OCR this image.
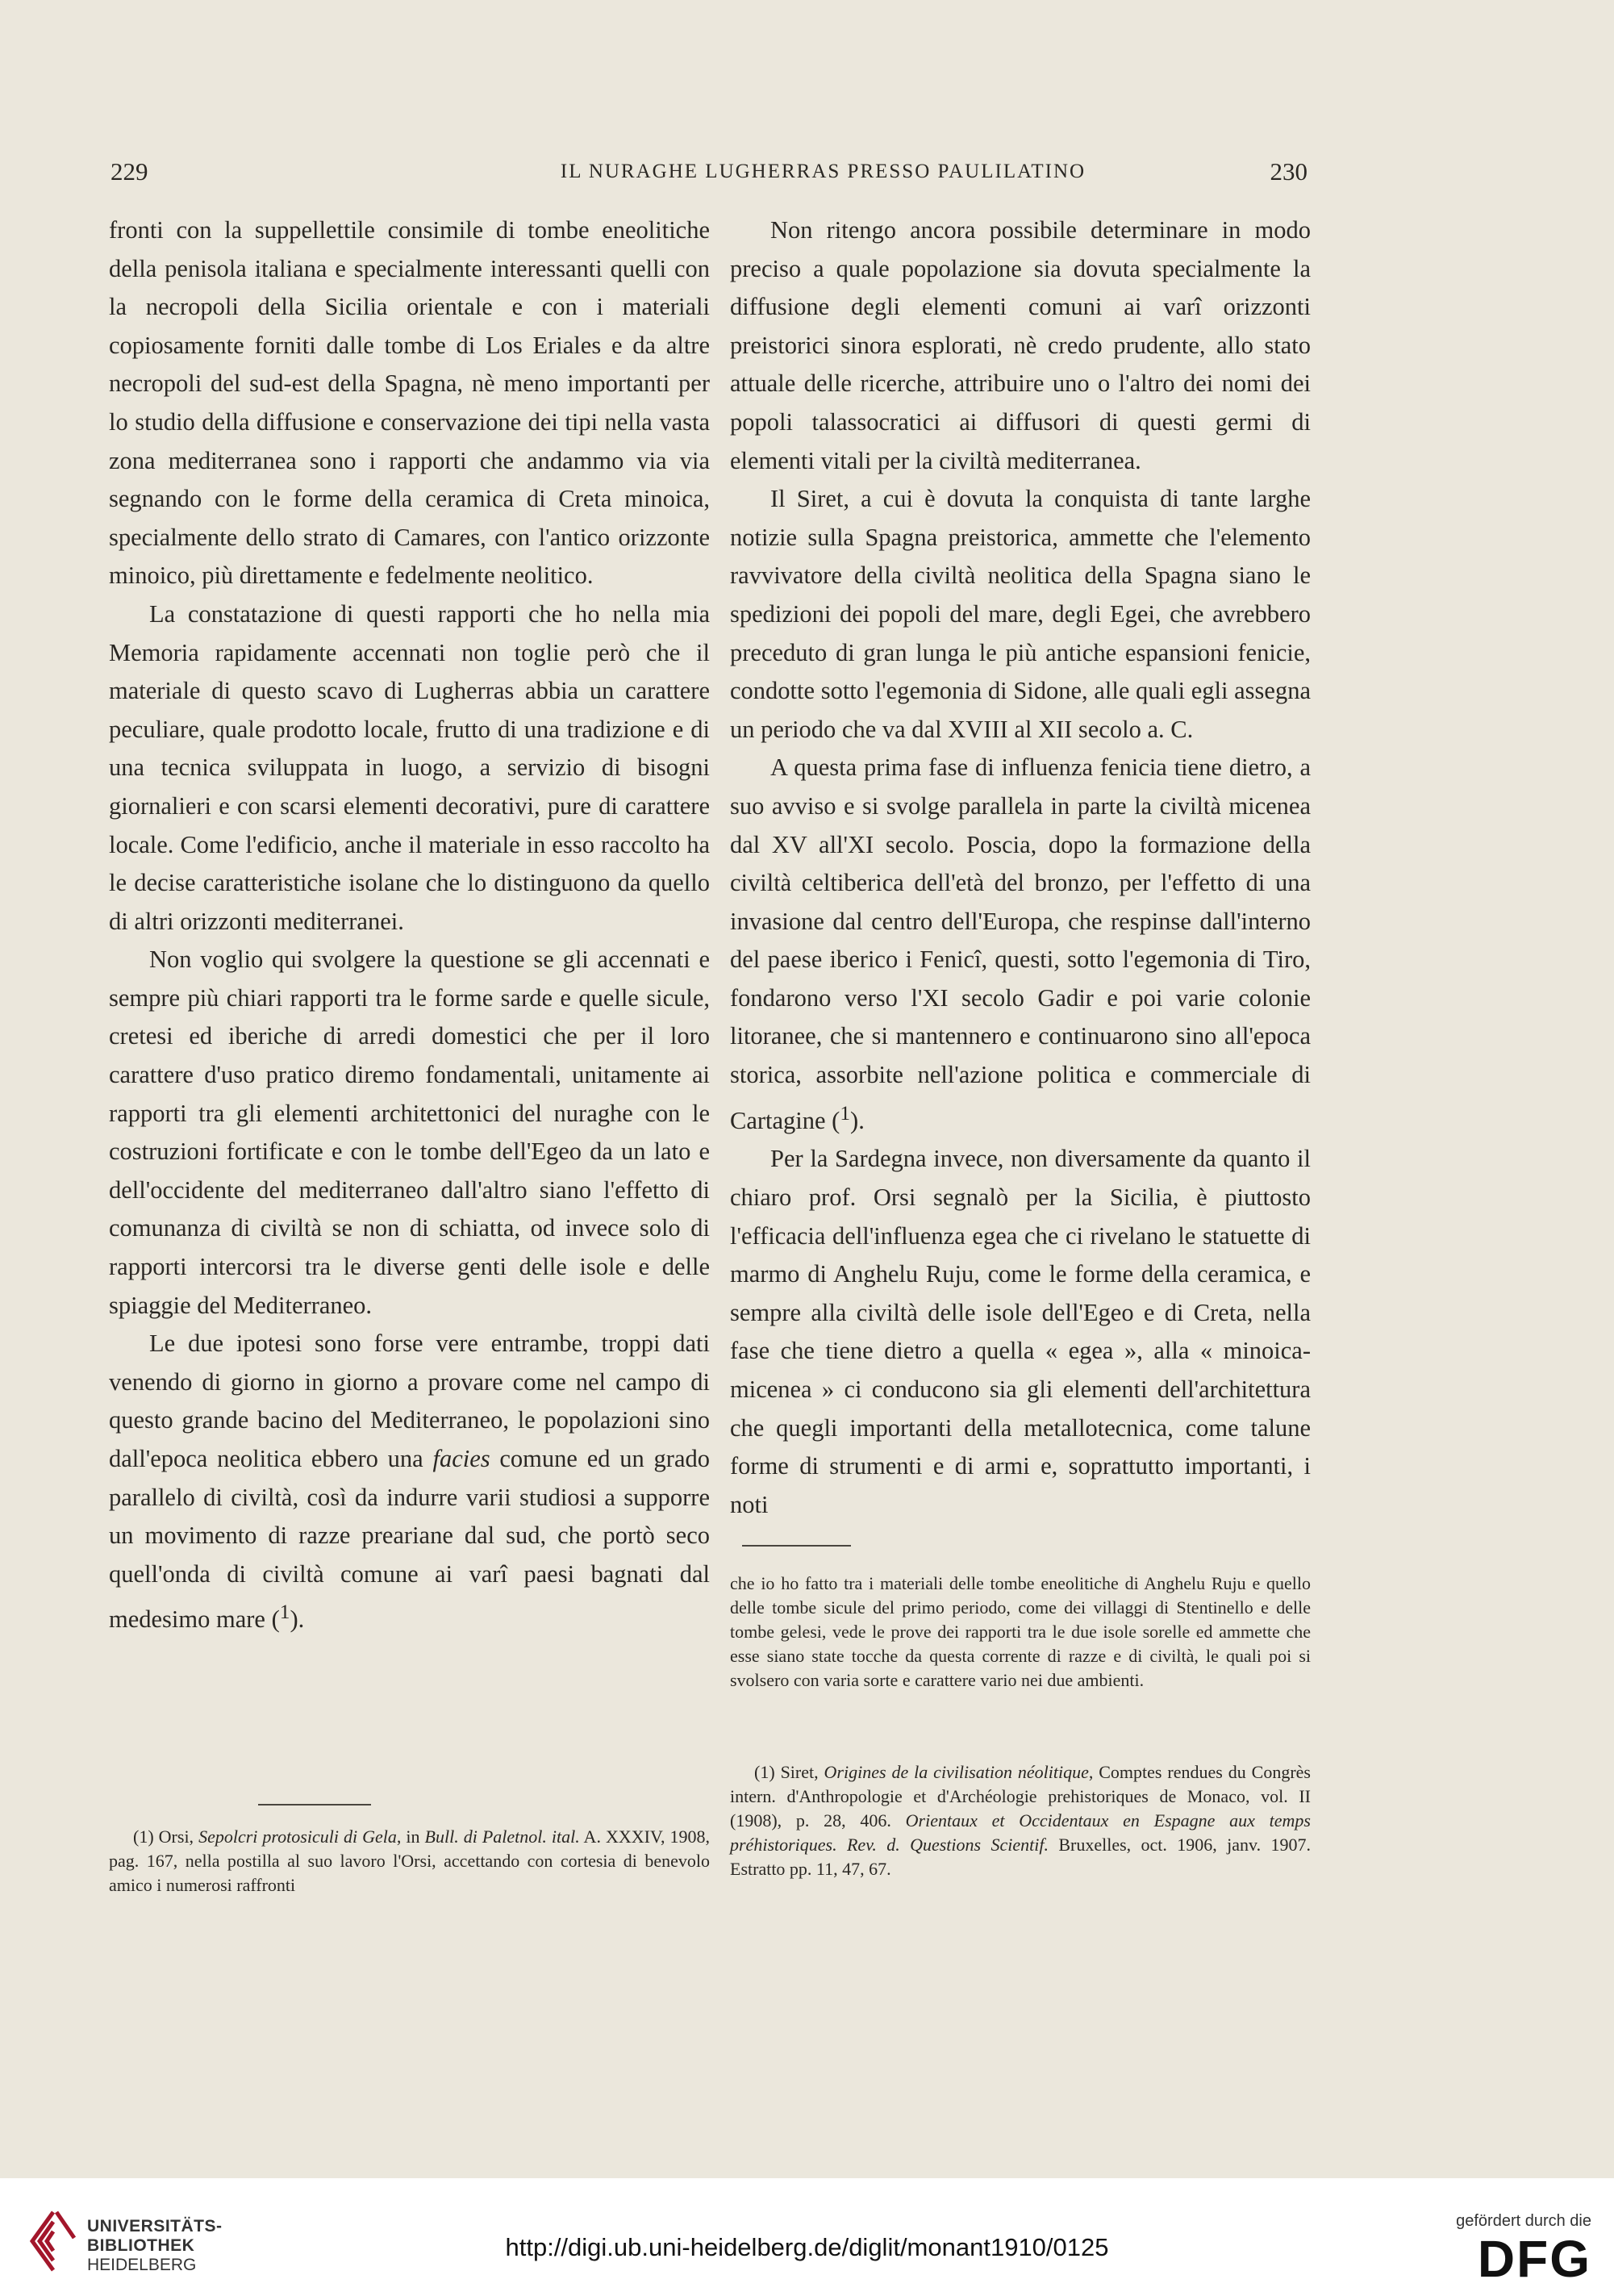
229	IL NURAGHE LUGHERRAS PRESSO PAULILATINO	230

fronti con la suppellettile consimile di tombe eneolitiche della penisola italiana e specialmente interessanti quelli con la necropoli della Sicilia orientale e con i materiali copiosamente forniti dalle tombe di Los Eriales e da altre necropoli del sud-est della Spagna, nè meno importanti per lo studio della diffusione e conservazione dei tipi nella vasta zona mediterranea sono i rapporti che andammo via via segnando con le forme della ceramica di Creta minoica, specialmente dello strato di Camares, con l'antico orizzonte minoico, più direttamente e fedelmente neolitico.

La constatazione di questi rapporti che ho nella mia Memoria rapidamente accennati non toglie però che il materiale di questo scavo di Lugherras abbia un carattere peculiare, quale prodotto locale, frutto di una tradizione e di una tecnica sviluppata in luogo, a servizio di bisogni giornalieri e con scarsi elementi decorativi, pure di carattere locale. Come l'edificio, anche il materiale in esso raccolto ha le decise caratteristiche isolane che lo distinguono da quello di altri orizzonti mediterranei.

Non voglio qui svolgere la questione se gli accennati e sempre più chiari rapporti tra le forme sarde e quelle sicule, cretesi ed iberiche di arredi domestici che per il loro carattere d'uso pratico diremo fondamentali, unitamente ai rapporti tra gli elementi architettonici del nuraghe con le costruzioni fortificate e con le tombe dell'Egeo da un lato e dell'occidente del mediterraneo dall'altro siano l'effetto di comunanza di civiltà se non di schiatta, od invece solo di rapporti intercorsi tra le diverse genti delle isole e delle spiaggie del Mediterraneo.

Le due ipotesi sono forse vere entrambe, troppi dati venendo di giorno in giorno a provare come nel campo di questo grande bacino del Mediterraneo, le popolazioni sino dall'epoca neolitica ebbero una facies comune ed un grado parallelo di civiltà, così da indurre varii studiosi a supporre un movimento di razze prearianе dal sud, che portò seco quell'onda di civiltà comune ai varî paesi bagnati dal medesimo mare ($^1$).

(1) Orsi, Sepolcri protosiculi di Gela, in Bull. di Paletnol. ital. A. XXXIV, 1908, pag. 167, nella postilla al suo lavoro l'Orsi, accettando con cortesia di benevolo amico i numerosi raffronti

Non ritengo ancora possibile determinare in modo preciso a quale popolazione sia dovuta specialmente la diffusione degli elementi comuni ai varî orizzonti preistorici sinora esplorati, nè credo prudente, allo stato attuale delle ricerche, attribuire uno o l'altro dei nomi dei popoli talassocratici ai diffusori di questi germi di elementi vitali per la civiltà mediterranea.

Il Siret, a cui è dovuta la conquista di tante larghe notizie sulla Spagna preistorica, ammette che l'elemento ravvivatore della civiltà neolitica della Spagna siano le spedizioni dei popoli del mare, degli Egei, che avrebbero preceduto di gran lunga le più antiche espansioni fenicie, condotte sotto l'egemonia di Sidone, alle quali egli assegna un periodo che va dal XVIII al XII secolo a. C.

A questa prima fase di influenza fenicia tiene dietro, a suo avviso e si svolge parallela in parte la civiltà micenea dal XV all'XI secolo. Poscia, dopo la formazione della civiltà celtiberica dell'età del bronzo, per l'effetto di una invasione dal centro dell'Europa, che respinse dall'interno del paese iberico i Feniсî, questi, sotto l'egemonia di Tiro, fondarono verso l'XI secolo Gadir e poi varie colonie litoranee, che si mantennero e continuarono sino all'epoca storica, assorbite nell'azione politica e commerciale di Cartagine ($^1$).

Per la Sardegna invece, non diversamente da quanto il chiaro prof. Orsi segnalò per la Sicilia, è piuttosto l'efficacia dell'influenza egea che ci rivelano le statuette di marmo di Anghelu Ruju, come le forme della ceramica, e sempre alla civiltà delle isole dell'Egeo e di Creta, nella fase che tiene dietro a quella « egea », alla « minoica-micenea » ci conducono sia gli elementi dell'architettura che quegli importanti della metallotecnica, come talune forme di strumenti e di armi e, soprattutto importanti, i noti

che io ho fatto tra i materiali delle tombe eneolitiche di Anghelu Ruju e quello delle tombe sicule del primo periodo, come dei villaggi di Stentinello e delle tombe gelesi, vede le prove dei rapporti tra le due isole sorelle ed ammette che esse siano state tocche da questa corrente di razze e di civiltà, le quali poi si svolsero con varia sorte e carattere vario nei due ambienti.

(1) Siret, Origines de la civilisation néolitique, Comptes rendues du Congrès intern. d'Anthropologie et d'Archéologie prehistoriques de Monaco, vol. II (1908), p. 28, 406. Orientaux et Occidentaux en Espagne aux temps préhistoriques. Rev. d. Questions Scientif. Bruxelles, oct. 1906, janv. 1907. Estratto pp. 11, 47, 67.

UNIVERSITÄTS-
BIBLIOTHEK
HEIDELBERG
http://digi.ub.uni-heidelberg.de/diglit/monant1910/0125
gefördert durch die
DFG
